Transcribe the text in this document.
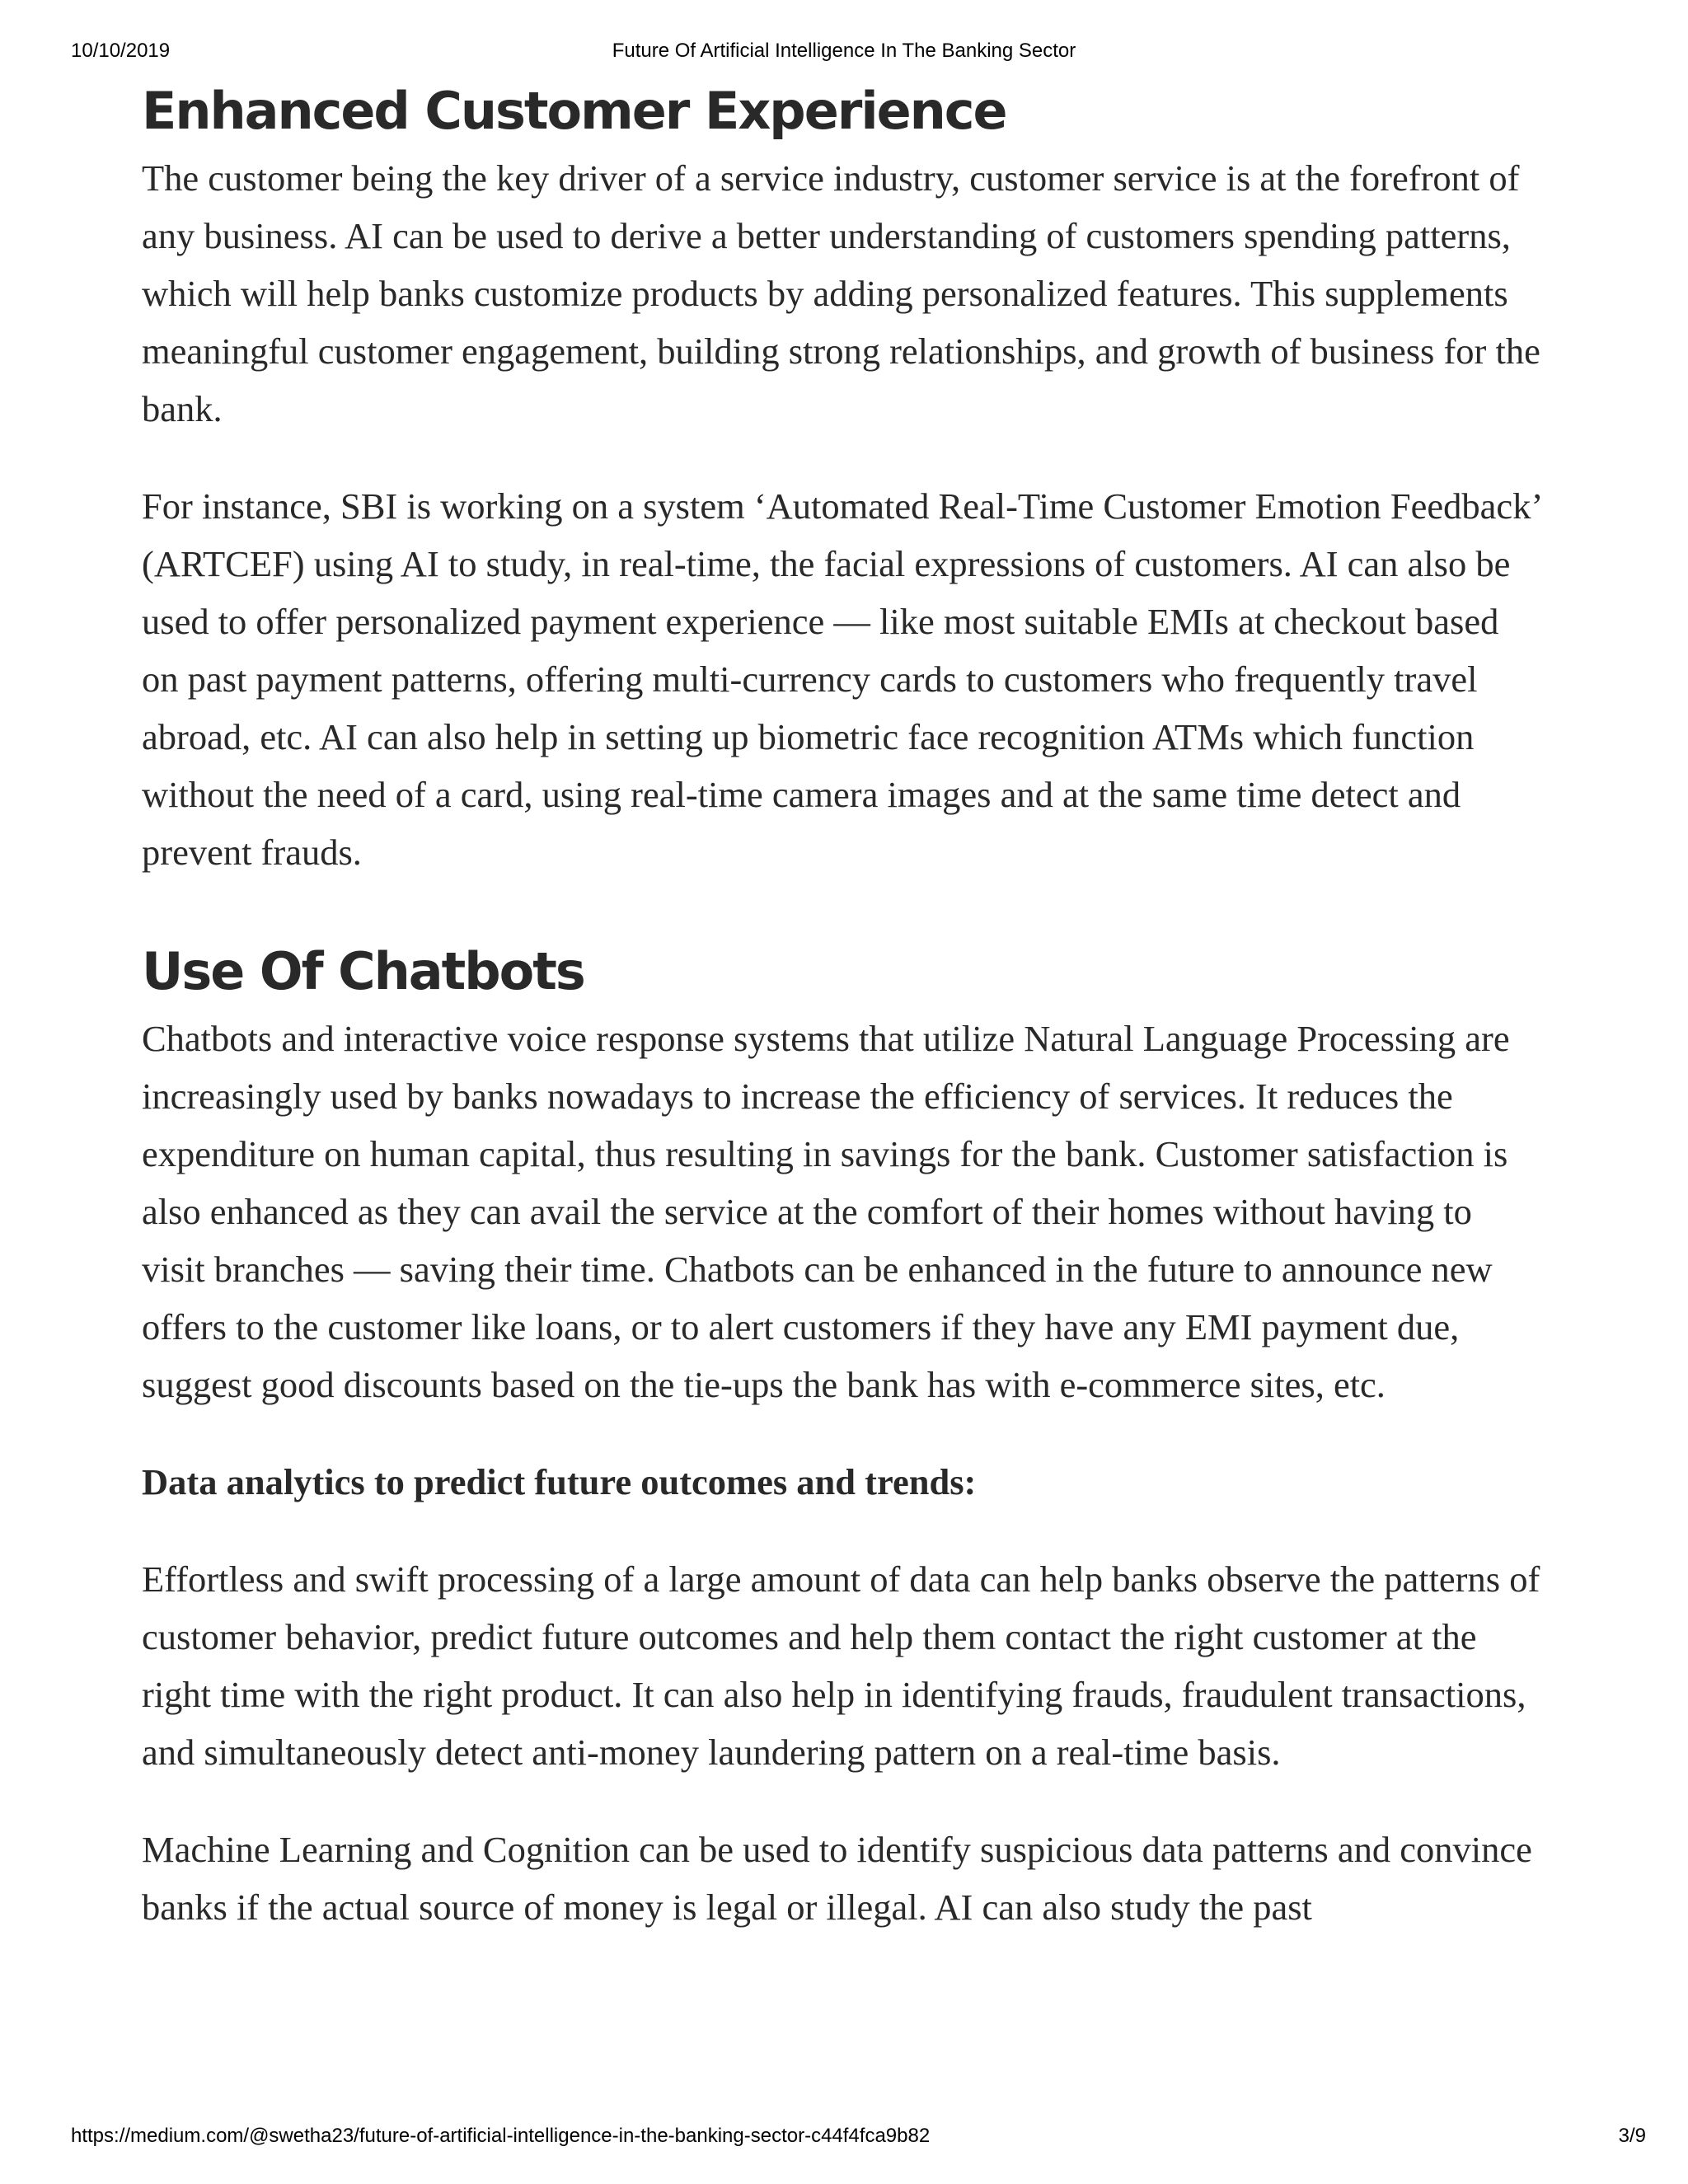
10/10/2019	Future Of Artificial Intelligence In The Banking Sector
Enhanced Customer Experience

The customer being the key driver of a service industry, customer service is at the forefront of any business. AI can be used to derive a better understanding of customers spending patterns, which will help banks customize products by adding personalized features. This supplements meaningful customer engagement, building strong relationships, and growth of business for the bank.

For instance, SBI is working on a system ‘Automated Real-Time Customer Emotion Feedback’ (ARTCEF) using AI to study, in real-time, the facial expressions of customers. AI can also be used to offer personalized payment experience — like most suitable EMIs at checkout based on past payment patterns, offering multi-currency cards to customers who frequently travel abroad, etc. AI can also help in setting up biometric face recognition ATMs which function without the need of a card, using real-time camera images and at the same time detect and prevent frauds.

Use Of Chatbots

Chatbots and interactive voice response systems that utilize Natural Language Processing are increasingly used by banks nowadays to increase the efficiency of services. It reduces the expenditure on human capital, thus resulting in savings for the bank. Customer satisfaction is also enhanced as they can avail the service at the comfort of their homes without having to visit branches — saving their time. Chatbots can be enhanced in the future to announce new offers to the customer like loans, or to alert customers if they have any EMI payment due, suggest good discounts based on the tie-ups the bank has with e-commerce sites, etc.

Data analytics to predict future outcomes and trends:

Effortless and swift processing of a large amount of data can help banks observe the patterns of customer behavior, predict future outcomes and help them contact the right customer at the right time with the right product. It can also help in identifying frauds, fraudulent transactions, and simultaneously detect anti-money laundering pattern on a real-time basis.

Machine Learning and Cognition can be used to identify suspicious data patterns and convince banks if the actual source of money is legal or illegal. AI can also study the past

https://medium.com/@swetha23/future-of-artificial-intelligence-in-the-banking-sector-c44f4fca9b82	3/9
